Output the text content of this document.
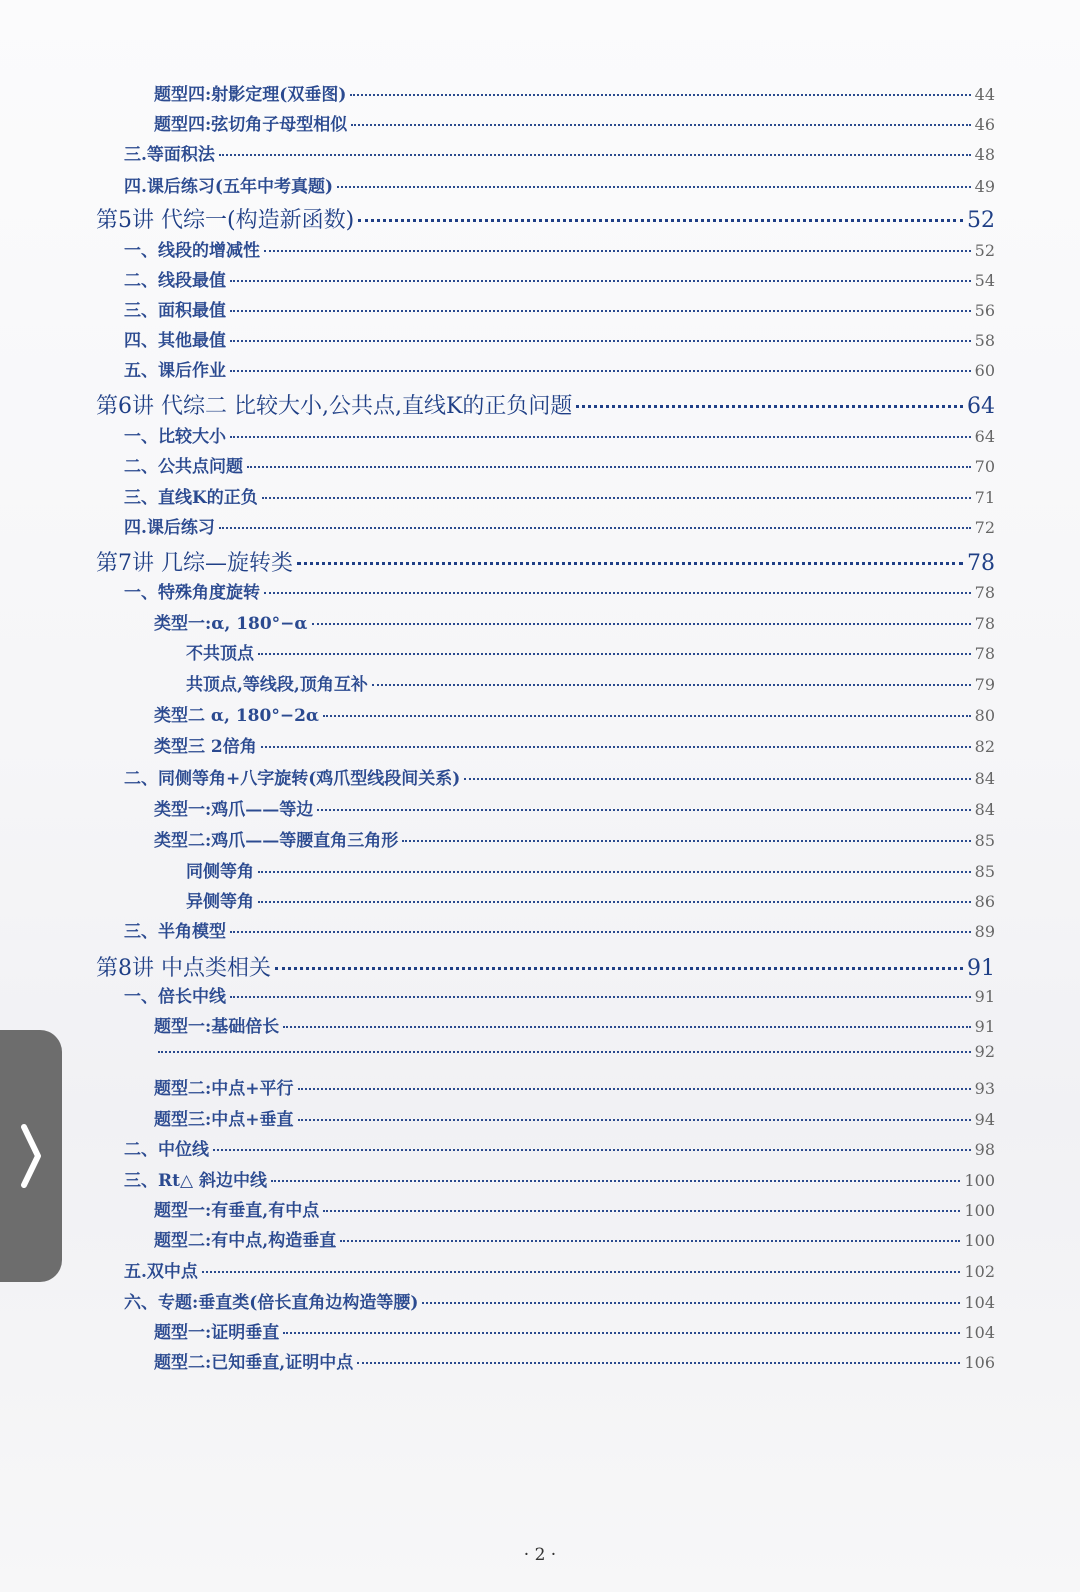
题型四:射影定理(双垂图)	44
题型四:弦切角子母型相似	46
三.等面积法	48
四.课后练习(五年中考真题)	49
第5讲 代综一(构造新函数)	52
一、线段的增减性	52
二、线段最值	54
三、面积最值	56
四、其他最值	58
五、课后作业	60
第6讲 代综二 比较大小,公共点,直线K的正负问题	64
一、比较大小	64
二、公共点问题	70
三、直线K的正负	71
四.课后练习	72
第7讲 几综—旋转类	78
一、特殊角度旋转	78
类型一:α, 180°−α	78
不共顶点	78
共顶点,等线段,顶角互补	79
类型二 α, 180°−2α	80
类型三 2倍角	82
二、同侧等角+八字旋转(鸡爪型线段间关系)	84
类型一:鸡爪——等边	84
类型二:鸡爪——等腰直角三角形	85
同侧等角	85
异侧等角	86
三、半角模型	89
第8讲 中点类相关	91
一、倍长中线	91
题型一:基础倍长	91
92
题型二:中点+平行	93
题型三:中点+垂直	94
二、中位线	98
三、Rt△ 斜边中线	100
题型一:有垂直,有中点	100
题型二:有中点,构造垂直	100
五.双中点	102
六、专题:垂直类(倍长直角边构造等腰)	104
题型一:证明垂直	104
题型二:已知垂直,证明中点	106
· 2 ·
